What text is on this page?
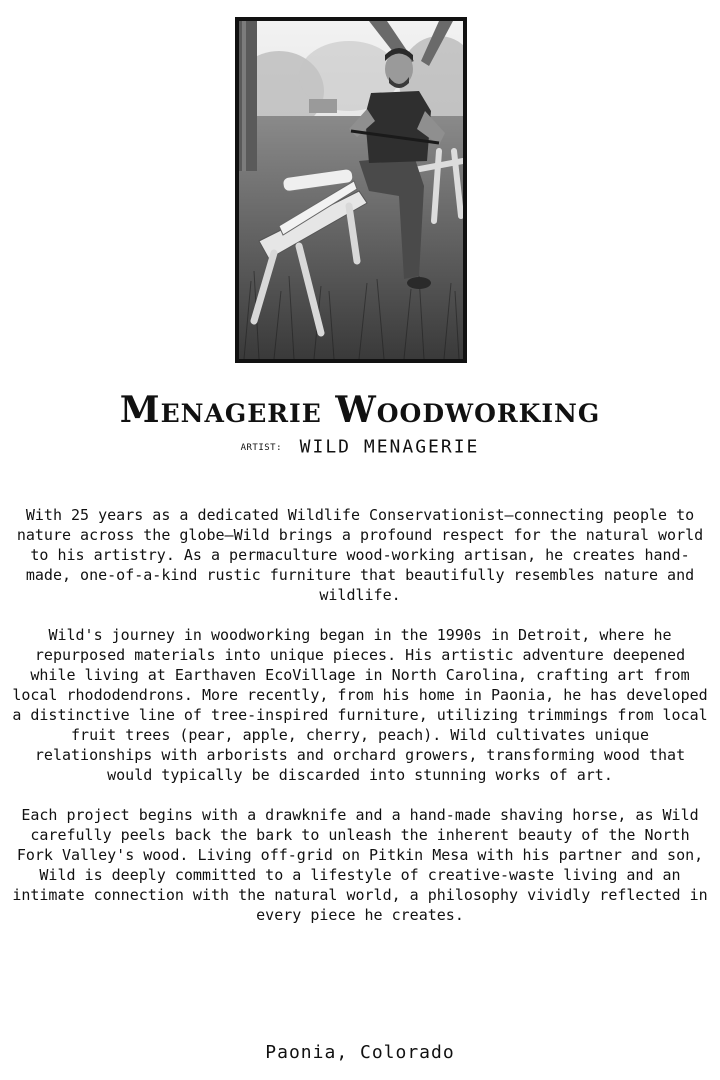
Menagerie Woodworking
ARTIST: WILD MENAGERIE

With 25 years as a dedicated Wildlife Conservationist—connecting people to nature across the globe—Wild brings a profound respect for the natural world to his artistry. As a permaculture wood-working artisan, he creates hand-made, one-of-a-kind rustic furniture that beautifully resembles nature and wildlife.

Wild's journey in woodworking began in the 1990s in Detroit, where he repurposed materials into unique pieces. His artistic adventure deepened while living at Earthaven EcoVillage in North Carolina, crafting art from local rhododendrons. More recently, from his home in Paonia, he has developed a distinctive line of tree-inspired furniture, utilizing trimmings from local fruit trees (pear, apple, cherry, peach). Wild cultivates unique relationships with arborists and orchard growers, transforming wood that would typically be discarded into stunning works of art.

Each project begins with a drawknife and a hand-made shaving horse, as Wild carefully peels back the bark to unleash the inherent beauty of the North Fork Valley's wood. Living off-grid on Pitkin Mesa with his partner and son, Wild is deeply committed to a lifestyle of creative-waste living and an intimate connection with the natural world, a philosophy vividly reflected in every piece he creates.

Paonia, Colorado
